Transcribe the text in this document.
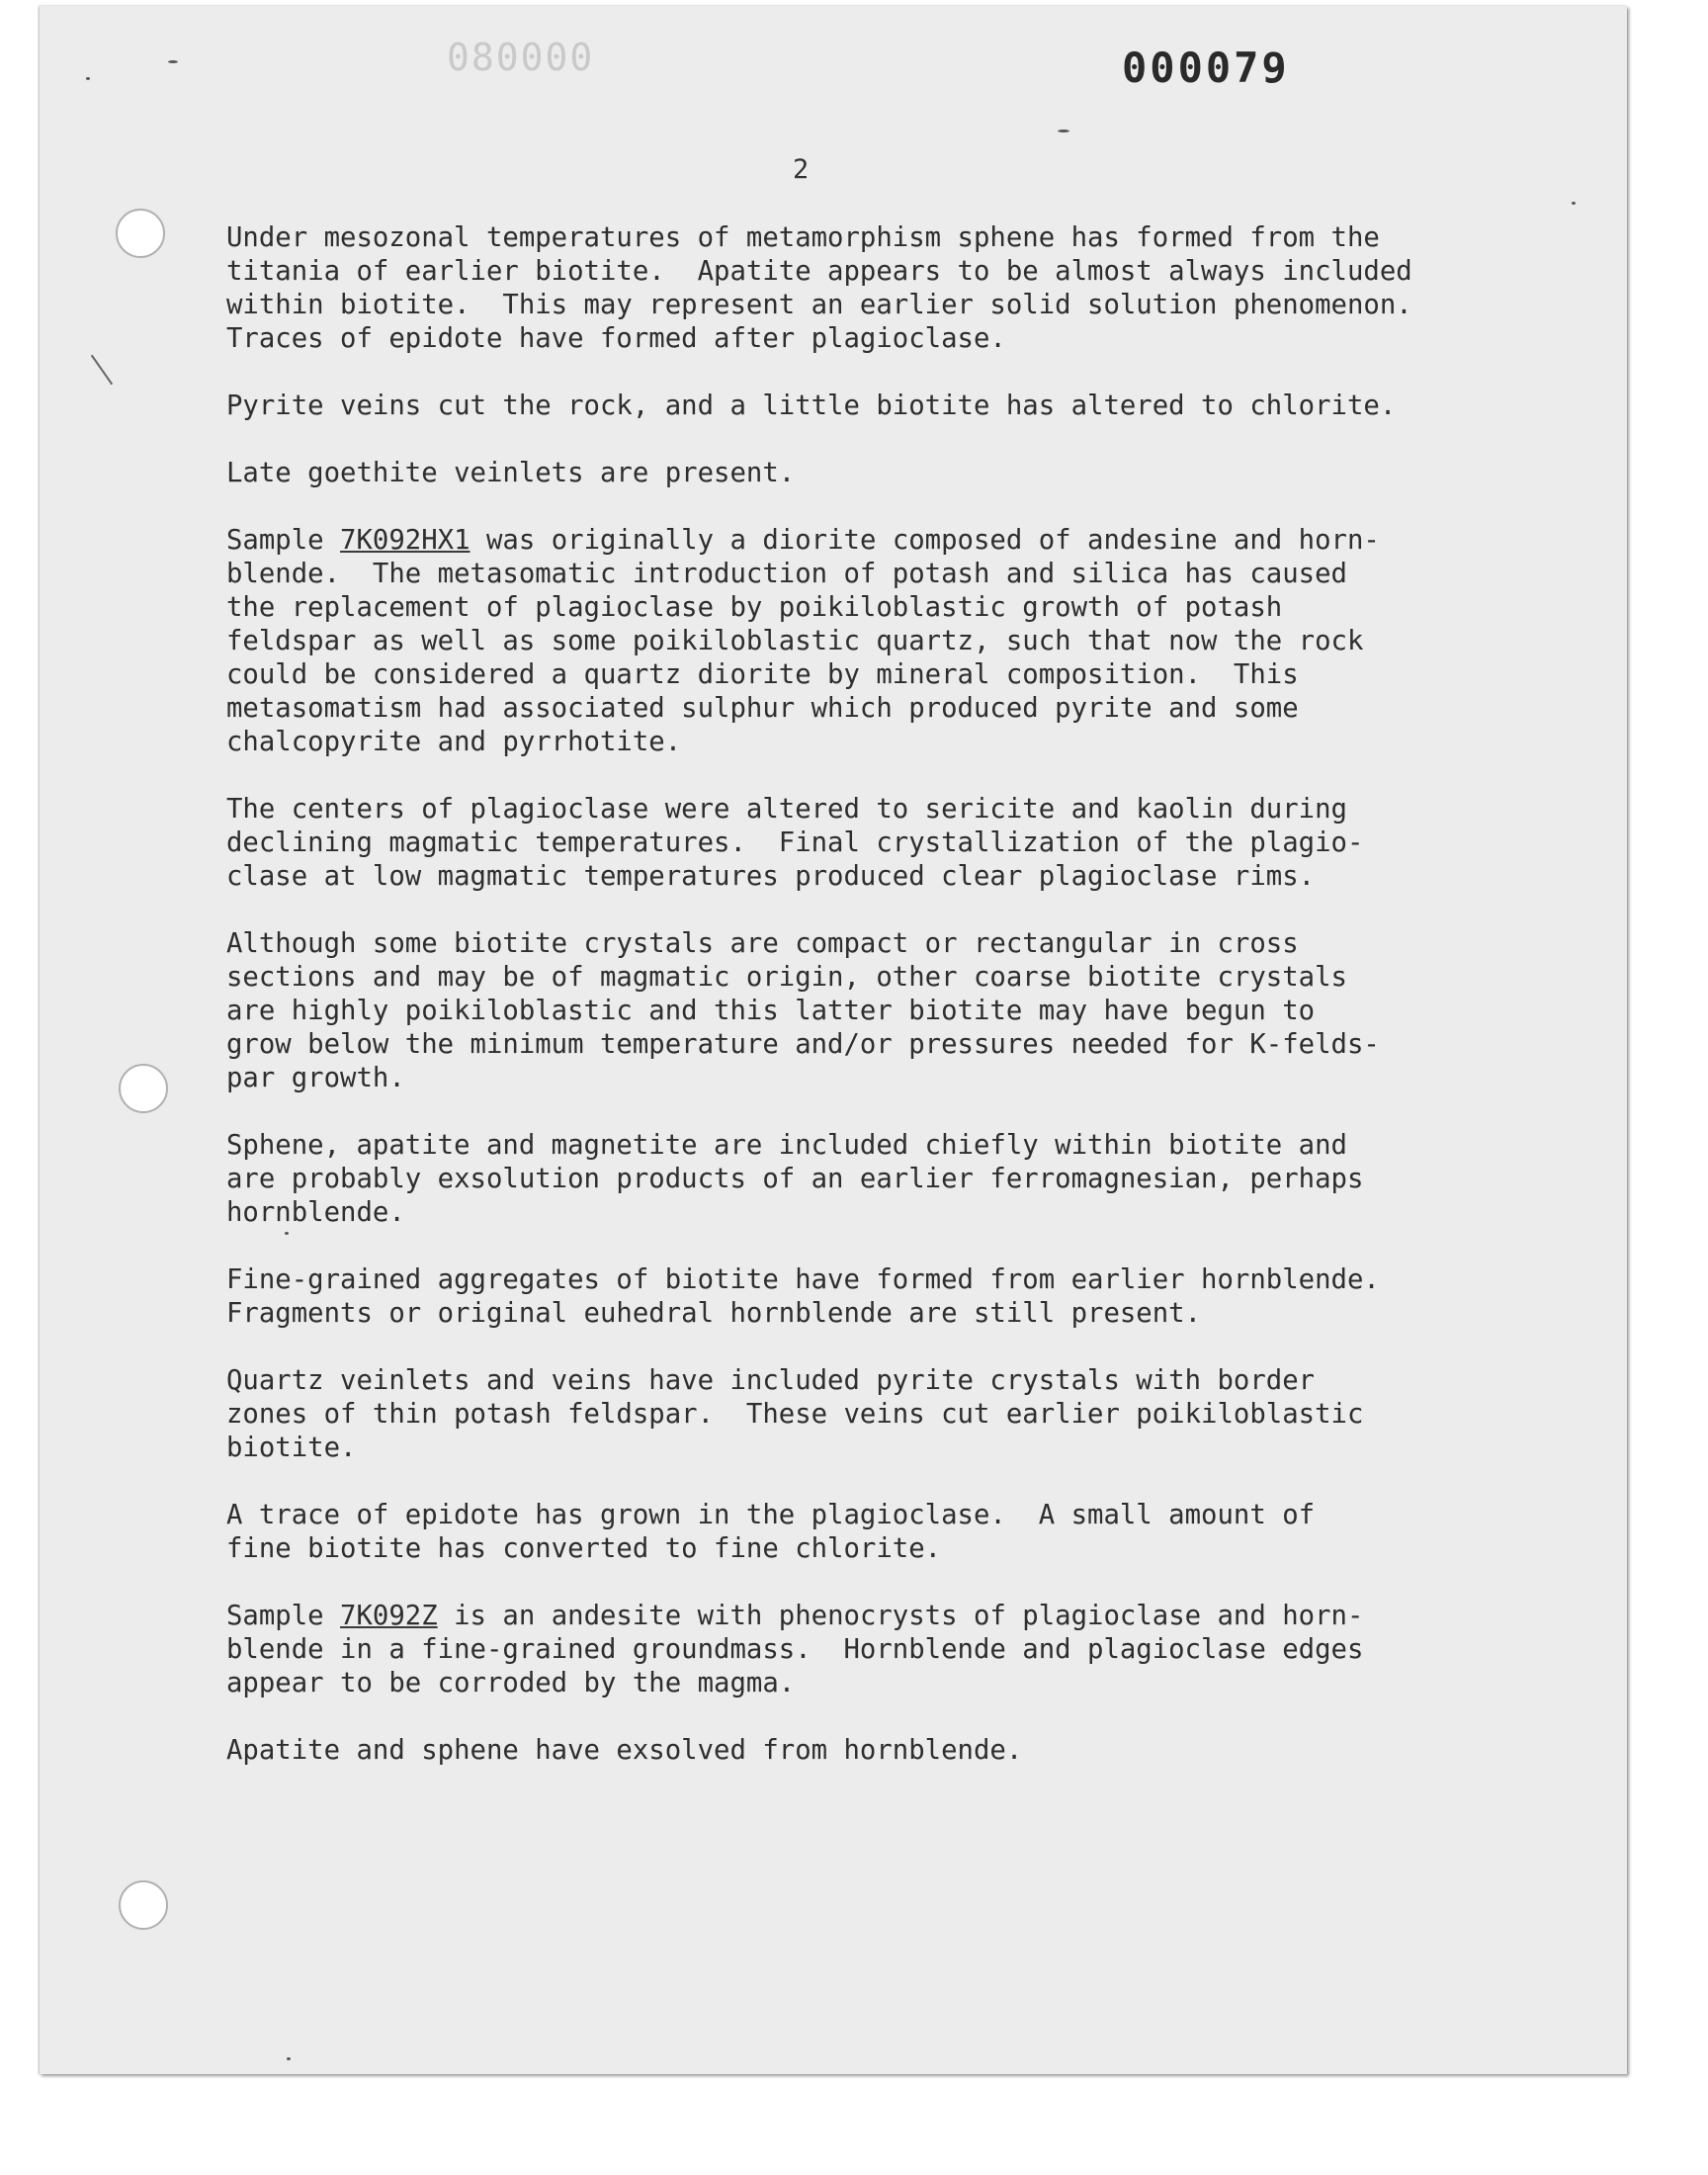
080000	000079
2

Under mesozonal temperatures of metamorphism sphene has formed from the
titania of earlier biotite.  Apatite appears to be almost always included
within biotite.  This may represent an earlier solid solution phenomenon.
Traces of epidote have formed after plagioclase.

Pyrite veins cut the rock, and a little biotite has altered to chlorite.

Late goethite veinlets are present.

Sample 7K092HX1 was originally a diorite composed of andesine and horn-
blende.  The metasomatic introduction of potash and silica has caused
the replacement of plagioclase by poikiloblastic growth of potash
feldspar as well as some poikiloblastic quartz, such that now the rock
could be considered a quartz diorite by mineral composition.  This
metasomatism had associated sulphur which produced pyrite and some
chalcopyrite and pyrrhotite.

The centers of plagioclase were altered to sericite and kaolin during
declining magmatic temperatures.  Final crystallization of the plagio-
clase at low magmatic temperatures produced clear plagioclase rims.

Although some biotite crystals are compact or rectangular in cross
sections and may be of magmatic origin, other coarse biotite crystals
are highly poikiloblastic and this latter biotite may have begun to
grow below the minimum temperature and/or pressures needed for K-felds-
par growth.

Sphene, apatite and magnetite are included chiefly within biotite and
are probably exsolution products of an earlier ferromagnesian, perhaps
hornblende.

Fine-grained aggregates of biotite have formed from earlier hornblende.
Fragments or original euhedral hornblende are still present.

Quartz veinlets and veins have included pyrite crystals with border
zones of thin potash feldspar.  These veins cut earlier poikiloblastic
biotite.

A trace of epidote has grown in the plagioclase.  A small amount of
fine biotite has converted to fine chlorite.

Sample 7K092Z is an andesite with phenocrysts of plagioclase and horn-
blende in a fine-grained groundmass.  Hornblende and plagioclase edges
appear to be corroded by the magma.

Apatite and sphene have exsolved from hornblende.
